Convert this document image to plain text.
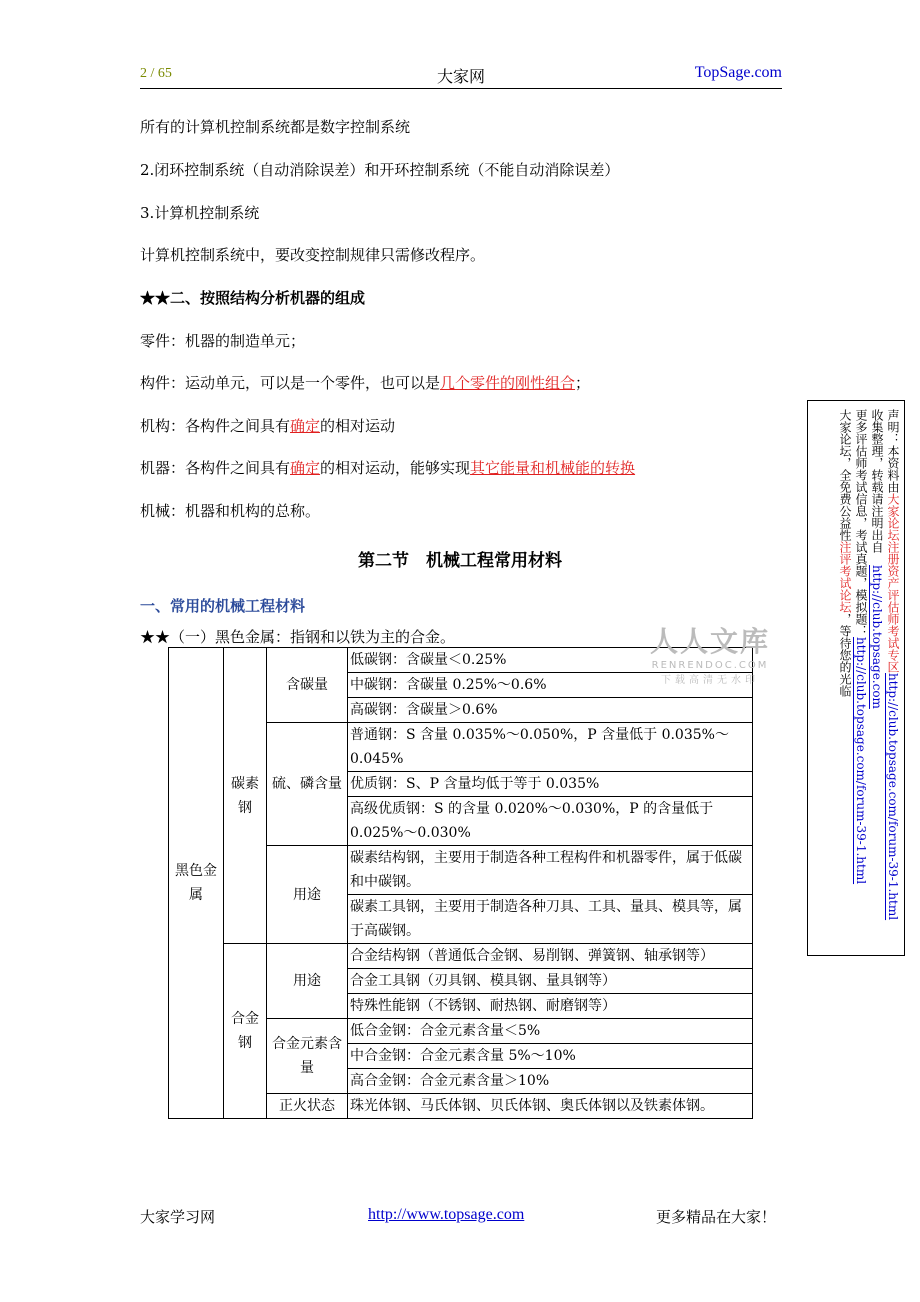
2 / 65	大家网	TopSage.com
所有的计算机控制系统都是数字控制系统
2.闭环控制系统（自动消除误差）和开环控制系统（不能自动消除误差）
3.计算机控制系统
计算机控制系统中，要改变控制规律只需修改程序。
★★二、按照结构分析机器的组成
零件：机器的制造单元；
构件：运动单元，可以是一个零件，也可以是几个零件的刚性组合；
机构：各构件之间具有确定的相对运动
机器：各构件之间具有确定的相对运动，能够实现其它能量和机械能的转换
机械：机器和机构的总称。
第二节　机械工程常用材料
一、常用的机械工程材料
★★（一）黑色金属：指钢和以铁为主的合金。
黑色金属	碳素钢	含碳量	低碳钢：含碳量＜0.25%
			中碳钢：含碳量 0.25%～0.6%
			高碳钢：含碳量＞0.6%
		硫、磷含量	普通钢：S 含量 0.035%～0.050%，P 含量低于 0.035%～0.045%
			优质钢：S、P 含量均低于等于 0.035%
			高级优质钢：S 的含量 0.020%～0.030%，P 的含量低于 0.025%～0.030%
		用途	碳素结构钢，主要用于制造各种工程构件和机器零件，属于低碳和中碳钢。
			碳素工具钢，主要用于制造各种刀具、工具、量具、模具等，属于高碳钢。
	合金钢	用途	合金结构钢（普通低合金钢、易削钢、弹簧钢、轴承钢等）
			合金工具钢（刃具钢、模具钢、量具钢等）
			特殊性能钢（不锈钢、耐热钢、耐磨钢等）
		合金元素含量	低合金钢：合金元素含量＜5%
			中合金钢：合金元素含量 5%～10%
			高合金钢：合金元素含量＞10%
		正火状态	珠光体钢、马氏体钢、贝氏体钢、奥氏体钢以及铁素体钢。
声明：本资料由大家论坛注册资产评估师考试专区http://club.topsage.com/forum-39-1.html
收集整理，转载请注明出自　http://club.topsage.com
更多评估师考试信息，考试真题，模拟题：http://club.topsage.com/forum-39-1.html
大家论坛，全免费公益性注评考试论坛，等待您的光临
人人文库
RENRENDOC.COM
下载高清无水印
大家学习网	http://www.topsage.com	更多精品在大家！
